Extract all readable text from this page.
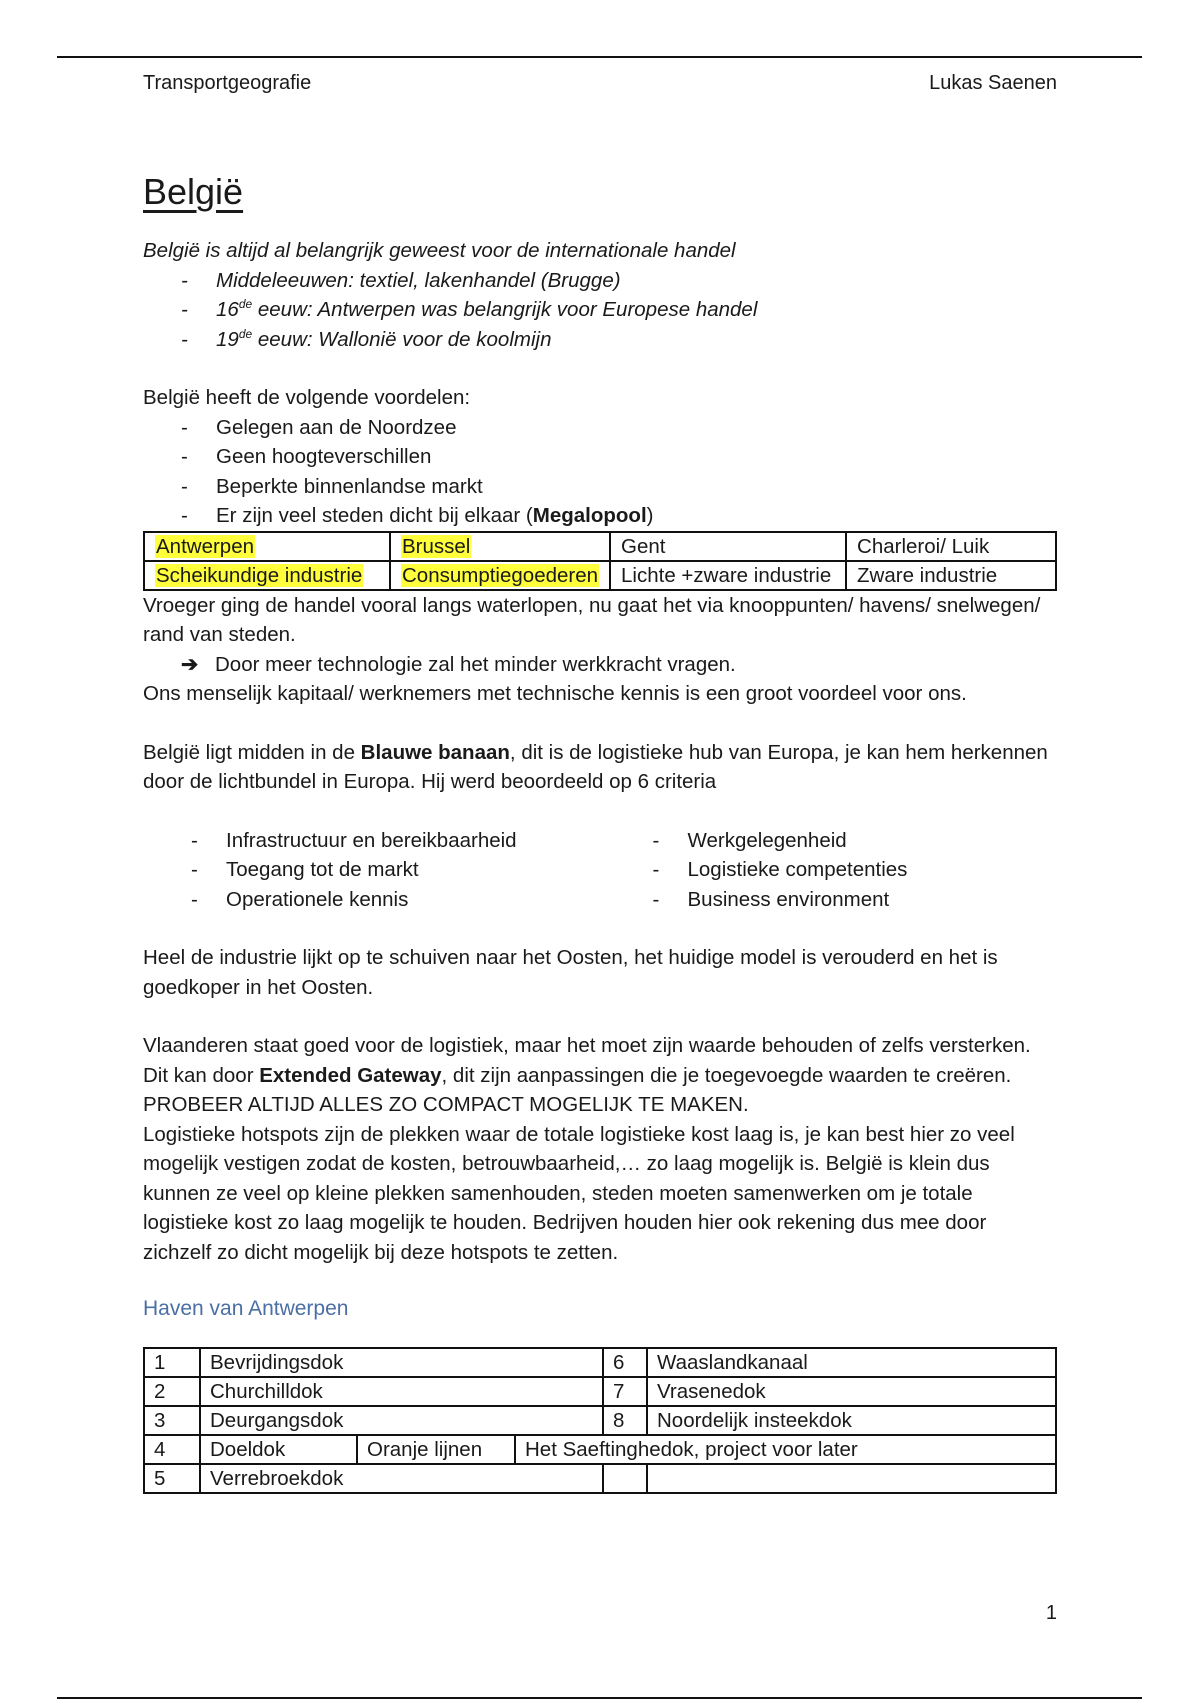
Transportgeografie	Lukas Saenen
België

België is altijd al belangrijk geweest voor de internationale handel

- Middeleeuwen: textiel, lakenhandel (Brugge)
- 16de eeuw: Antwerpen was belangrijk voor Europese handel
- 19de eeuw: Wallonië voor de koolmijn

België heeft de volgende voordelen:

- Gelegen aan de Noordzee
- Geen hoogteverschillen
- Beperkte binnenlandse markt
- Er zijn veel steden dicht bij elkaar (Megalopool)
Antwerpen	Brussel	Gent	Charleroi/ Luik
Scheikundige industrie	Consumptiegoederen	Lichte +zware industrie	Zware industrie

Vroeger ging de handel vooral langs waterlopen, nu gaat het via knooppunten/ havens/ snelwegen/ rand van steden.

➔ Door meer technologie zal het minder werkkracht vragen.

Ons menselijk kapitaal/ werknemers met technische kennis is een groot voordeel voor ons.

België ligt midden in de Blauwe banaan, dit is de logistieke hub van Europa, je kan hem herkennen door de lichtbundel in Europa. Hij werd beoordeeld op 6 criteria

- Infrastructuur en bereikbaarheid
- Toegang tot de markt
- Operationele kennis
- Werkgelegenheid
- Logistieke competenties
- Business environment

Heel de industrie lijkt op te schuiven naar het Oosten, het huidige model is verouderd en het is goedkoper in het Oosten.

Vlaanderen staat goed voor de logistiek, maar het moet zijn waarde behouden of zelfs versterken. Dit kan door Extended Gateway, dit zijn aanpassingen die je toegevoegde waarden te creëren. PROBEER ALTIJD ALLES ZO COMPACT MOGELIJK TE MAKEN.

Logistieke hotspots zijn de plekken waar de totale logistieke kost laag is, je kan best hier zo veel mogelijk vestigen zodat de kosten, betrouwbaarheid,… zo laag mogelijk is. België is klein dus kunnen ze veel op kleine plekken samenhouden, steden moeten samenwerken om je totale logistieke kost zo laag mogelijk te houden. Bedrijven houden hier ook rekening dus mee door zichzelf zo dicht mogelijk bij deze hotspots te zetten.

Haven van Antwerpen
1	Bevrijdingsdok			6	Waaslandkanaal
2	Churchilldok			7	Vrasenedok
3	Deurgangsdok			8	Noordelijk insteekdok
4	Doeldok	Oranje lijnen	Het Saeftinghedok, project voor later		
5	Verrebroekdok				
1
